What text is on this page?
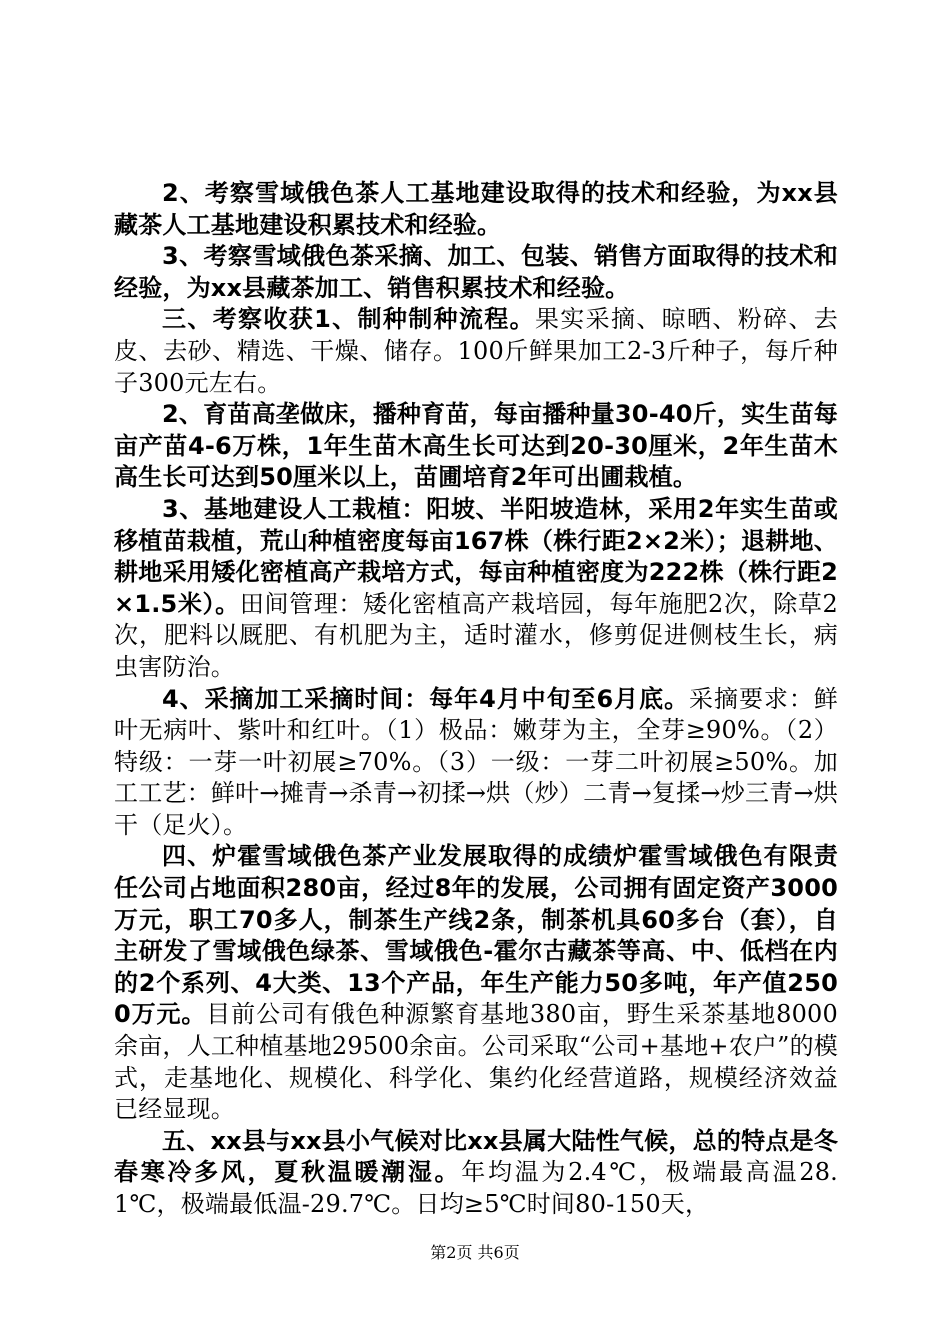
2、考察雪域俄色茶人工基地建设取得的技术和经验，为xx县藏茶人工基地建设积累技术和经验。

3、考察雪域俄色茶采摘、加工、包装、销售方面取得的技术和经验，为xx县藏茶加工、销售积累技术和经验。

三、考察收获1、制种制种流程。果实采摘、晾晒、粉碎、去皮、去砂、精选、干燥、储存。100斤鲜果加工2-3斤种子，每斤种子300元左右。

2、育苗高垄做床，播种育苗，每亩播种量30-40斤，实生苗每亩产苗4-6万株，1年生苗木高生长可达到20-30厘米，2年生苗木高生长可达到50厘米以上，苗圃培育2年可出圃栽植。

3、基地建设人工栽植：阳坡、半阳坡造林，采用2年实生苗或移植苗栽植，荒山种植密度每亩167株（株行距2×2米）；退耕地、耕地采用矮化密植高产栽培方式，每亩种植密度为222株（株行距2×1.5米）。田间管理：矮化密植高产栽培园，每年施肥2次，除草2次，肥料以厩肥、有机肥为主，适时灌水，修剪促进侧枝生长，病虫害防治。

4、采摘加工采摘时间：每年4月中旬至6月底。采摘要求：鲜叶无病叶、紫叶和红叶。（1）极品：嫩芽为主，全芽≥90%。（2）特级：一芽一叶初展≥70%。（3）一级：一芽二叶初展≥50%。加工工艺：鲜叶→摊青→杀青→初揉→烘（炒）二青→复揉→炒三青→烘干（足火）。

四、炉霍雪域俄色茶产业发展取得的成绩炉霍雪域俄色有限责任公司占地面积280亩，经过8年的发展，公司拥有固定资产3000万元，职工70多人，制茶生产线2条，制茶机具60多台（套），自主研发了雪域俄色绿茶、雪域俄色-霍尔古藏茶等高、中、低档在内的2个系列、4大类、13个产品，年生产能力50多吨，年产值2500万元。目前公司有俄色种源繁育基地380亩，野生采茶基地8000余亩，人工种植基地29500余亩。公司采取“公司+基地+农户”的模式，走基地化、规模化、科学化、集约化经营道路，规模经济效益已经显现。

五、xx县与xx县小气候对比xx县属大陆性气候，总的特点是冬春寒冷多风，夏秋温暖潮湿。年均温为2.4℃，极端最高温28.1℃，极端最低温-29.7℃。日均≥5℃时间80-150天，

第2页 共6页
